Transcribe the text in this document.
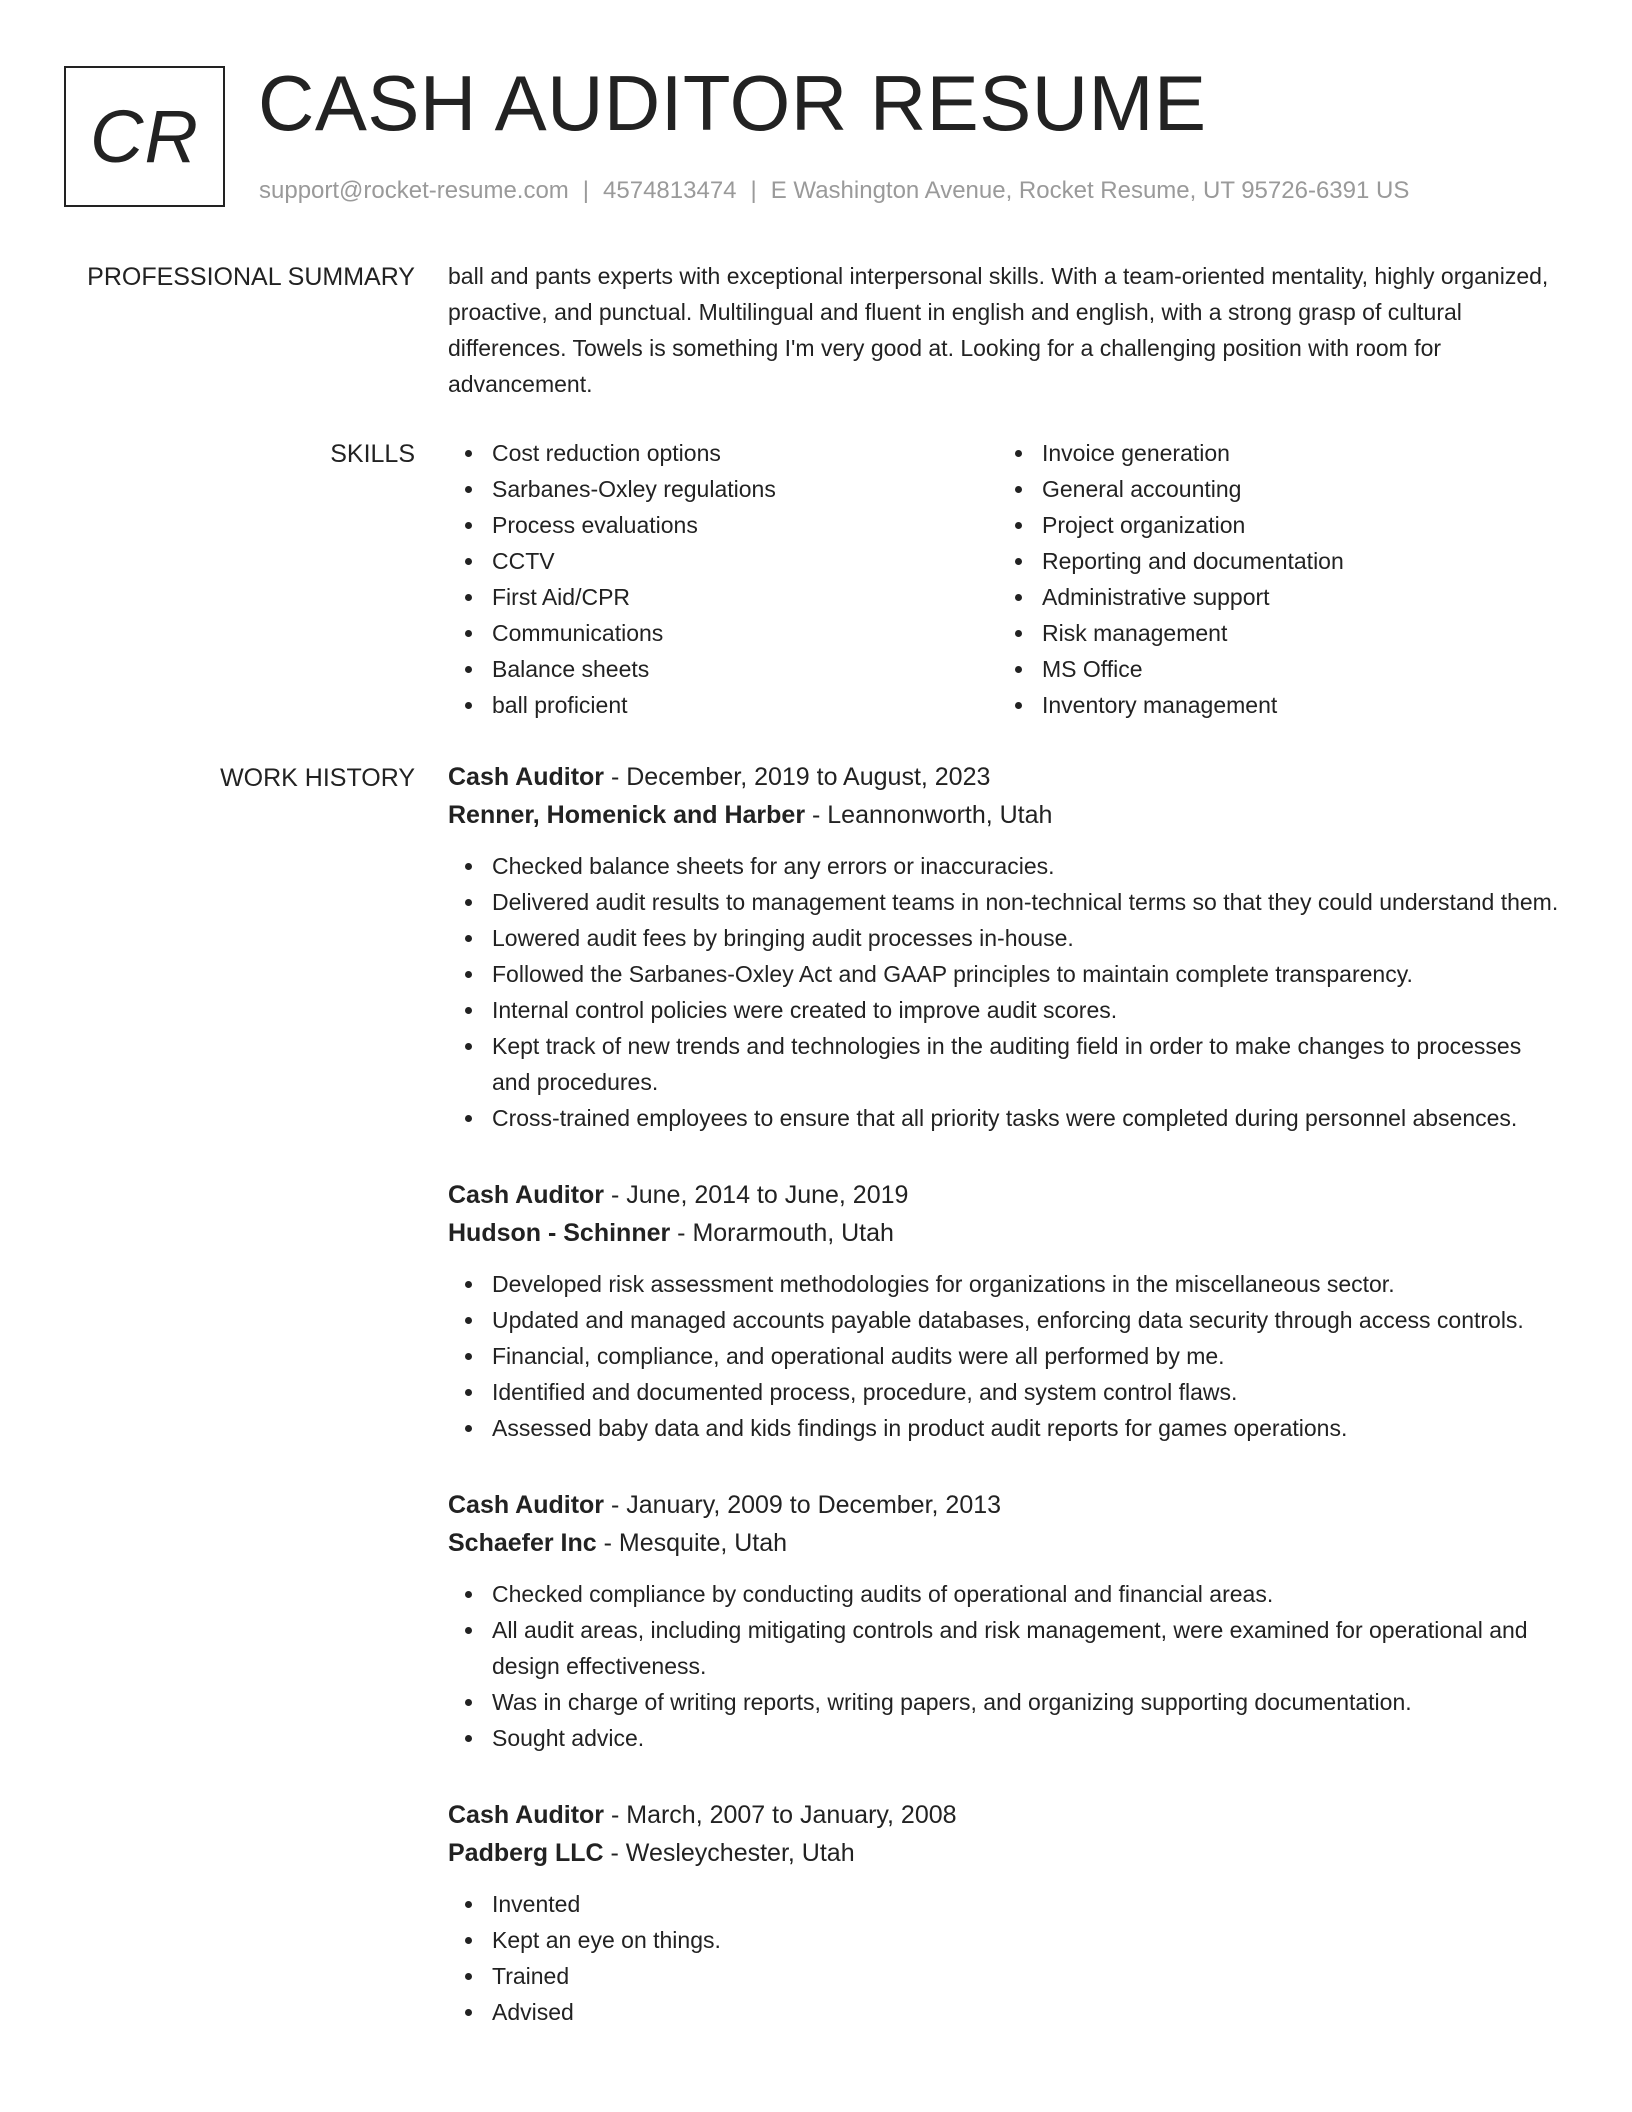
CR CASH AUDITOR RESUME
support@rocket-resume.com | 4574813474 | E Washington Avenue, Rocket Resume, UT 95726-6391 US
PROFESSIONAL SUMMARY ball and pants experts with exceptional interpersonal skills. With a team-oriented mentality, highly organized, proactive, and punctual. Multilingual and fluent in english and english, with a strong grasp of cultural differences. Towels is something I'm very good at. Looking for a challenging position with room for advancement.

SKILLS	Cost reduction options
Sarbanes-Oxley regulations
Process evaluations
CCTV
First Aid/CPR
Communications
Balance sheets
ball proficient
Invoice generation
General accounting
Project organization
Reporting and documentation
Administrative support
Risk management
MS Office
Inventory management
WORK HISTORY Cash Auditor - December, 2019 to August, 2023
Renner, Homenick and Harber - Leannonworth, Utah
Checked balance sheets for any errors or inaccuracies.
Delivered audit results to management teams in non-technical terms so that they could understand them.
Lowered audit fees by bringing audit processes in-house.
Followed the Sarbanes-Oxley Act and GAAP principles to maintain complete transparency.
Internal control policies were created to improve audit scores.
Kept track of new trends and technologies in the auditing field in order to make changes to processes and procedures.
Cross-trained employees to ensure that all priority tasks were completed during personnel absences.
Cash Auditor - June, 2014 to June, 2019
Hudson - Schinner - Morarmouth, Utah
Developed risk assessment methodologies for organizations in the miscellaneous sector.
Updated and managed accounts payable databases, enforcing data security through access controls.
Financial, compliance, and operational audits were all performed by me.
Identified and documented process, procedure, and system control flaws.
Assessed baby data and kids findings in product audit reports for games operations.
Cash Auditor - January, 2009 to December, 2013
Schaefer Inc - Mesquite, Utah
Checked compliance by conducting audits of operational and financial areas.
All audit areas, including mitigating controls and risk management, were examined for operational and design effectiveness.
Was in charge of writing reports, writing papers, and organizing supporting documentation.
Sought advice.
Cash Auditor - March, 2007 to January, 2008
Padberg LLC - Wesleychester, Utah
Invented
Kept an eye on things.
Trained
Advised
